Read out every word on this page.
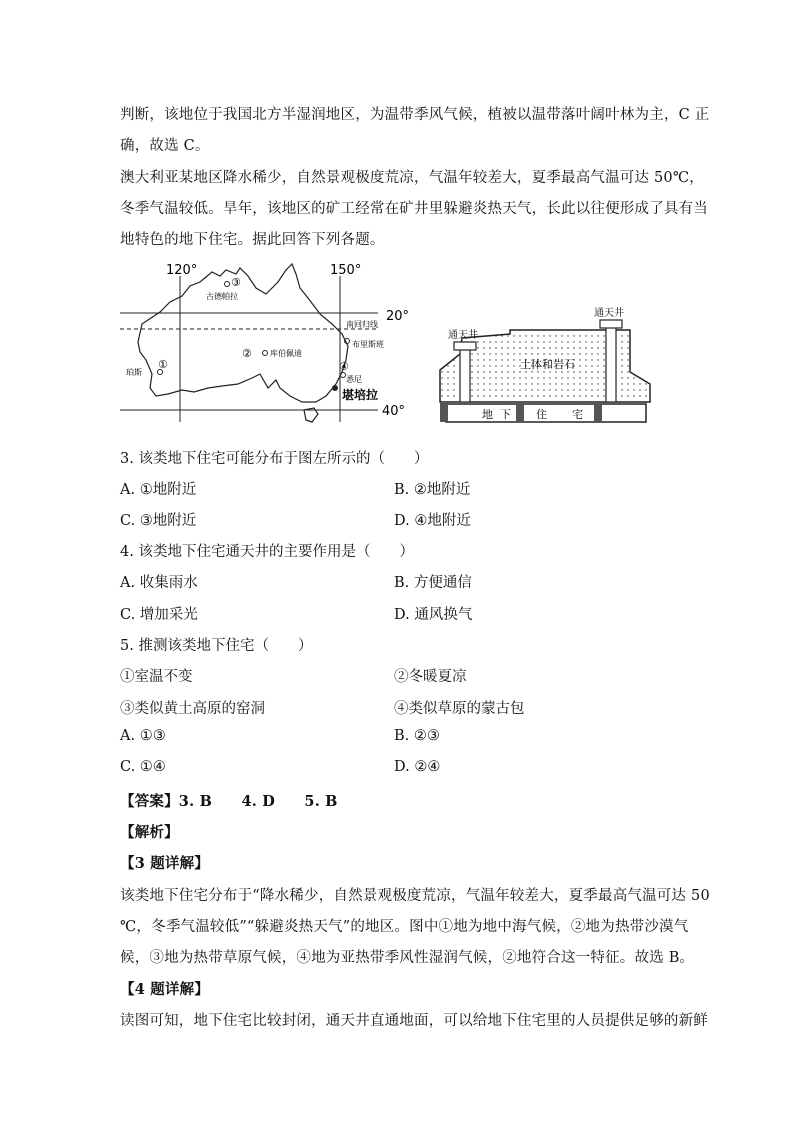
判断，该地位于我国北方半湿润地区，为温带季风气候，植被以温带落叶阔叶林为主，C 正
确，故选 C。
澳大利亚某地区降水稀少，自然景观极度荒凉，气温年较差大，夏季最高气温可达 50℃，
冬季气温较低。旱年，该地区的矿工经常在矿井里躲避炎热天气，长此以往便形成了具有当
地特色的地下住宅。据此回答下列各题。
120°	150°
20°
40°
南回归线
古德帕拉
库伯佩迪
布里斯班
珀斯
悉尼
堪培拉
①
②
③
④
通天井
通天井
土体和岩石
地 下 住 宅
3. 该类地下住宅可能分布于图左所示的（　　）
A. ①地附近	B. ②地附近
C. ③地附近	D. ④地附近
4. 该类地下住宅通天井的主要作用是（　　）
A. 收集雨水	B. 方便通信
C. 增加采光	D. 通风换气
5. 推测该类地下住宅（　　）
①室温不变	②冬暖夏凉
③类似黄土高原的窑洞	④类似草原的蒙古包
A. ①③	B. ②③
C. ①④	D. ②④
【答案】3. B　　4. D　　5. B
【解析】
【3 题详解】
该类地下住宅分布于“降水稀少，自然景观极度荒凉，气温年较差大，夏季最高气温可达 50
℃，冬季气温较低”“躲避炎热天气”的地区。图中①地为地中海气候，②地为热带沙漠气
候，③地为热带草原气候，④地为亚热带季风性湿润气候，②地符合这一特征。故选 B。
【4 题详解】
读图可知，地下住宅比较封闭，通天井直通地面，可以给地下住宅里的人员提供足够的新鲜
